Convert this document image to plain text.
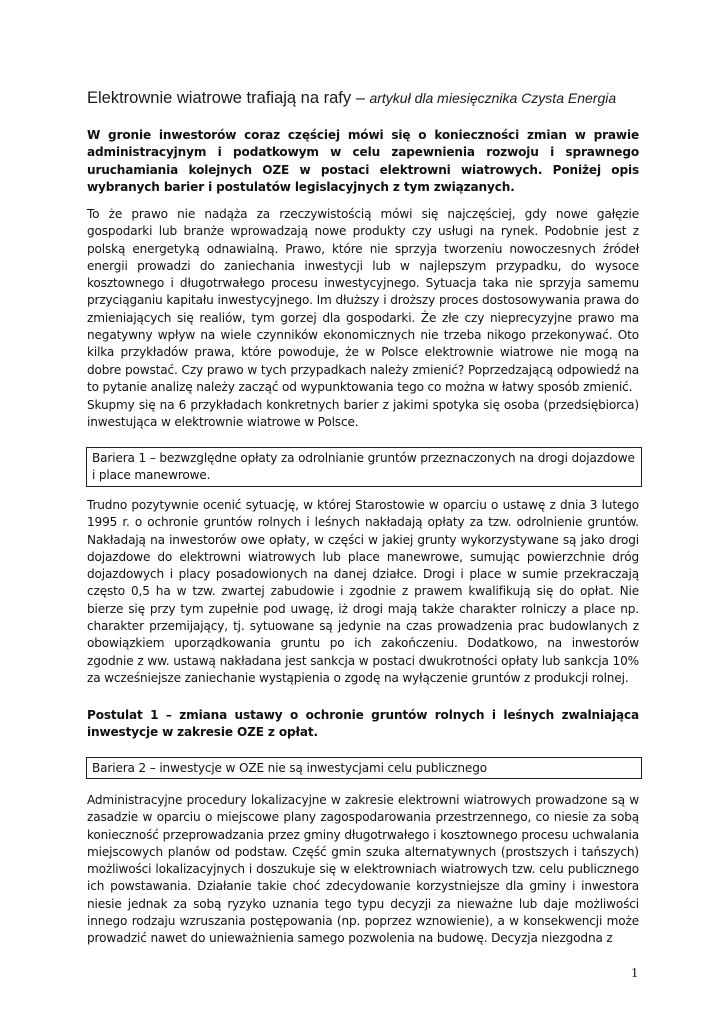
Elektrownie wiatrowe trafiają na rafy – artykuł dla miesięcznika Czysta Energia
W gronie inwestorów coraz częściej mówi się o konieczności zmian w prawie administracyjnym i podatkowym w celu zapewnienia rozwoju i sprawnego uruchamiania kolejnych OZE w postaci elektrowni wiatrowych. Poniżej opis wybranych barier i postulatów legislacyjnych z tym związanych.
To że prawo nie nadąża za rzeczywistością mówi się najczęściej, gdy nowe gałęzie gospodarki lub branże wprowadzają nowe produkty czy usługi na rynek. Podobnie jest z polską energetyką odnawialną. Prawo, które nie sprzyja tworzeniu nowoczesnych źródeł energii prowadzi do zaniechania inwestycji lub w najlepszym przypadku, do wysoce kosztownego i długotrwałego procesu inwestycyjnego. Sytuacja taka nie sprzyja samemu przyciąganiu kapitału inwestycyjnego. Im dłuższy i droższy proces dostosowywania prawa do zmieniających się realiów, tym gorzej dla gospodarki. Że złe czy nieprecyzyjne prawo ma negatywny wpływ na wiele czynników ekonomicznych nie trzeba nikogo przekonywać. Oto kilka przykładów prawa, które powoduje, że w Polsce elektrownie wiatrowe nie mogą na dobre powstać. Czy prawo w tych przypadkach należy zmienić? Poprzedzającą odpowiedź na to pytanie analizę należy zacząć od wypunktowania tego co można w łatwy sposób zmienić.
Skupmy się na 6 przykładach konkretnych barier z jakimi spotyka się osoba (przedsiębiorca) inwestująca w elektrownie wiatrowe w Polsce.
Bariera 1 – bezwzględne opłaty za odrolnianie gruntów przeznaczonych na drogi dojazdowe i place manewrowe.
Trudno pozytywnie ocenić sytuację, w której Starostowie w oparciu o ustawę z dnia 3 lutego 1995 r. o ochronie gruntów rolnych i leśnych nakładają opłaty za tzw. odrolnienie gruntów. Nakładają na inwestorów owe opłaty, w części w jakiej grunty wykorzystywane są jako drogi dojazdowe do elektrowni wiatrowych lub place manewrowe, sumując powierzchnie dróg dojazdowych i placy posadowionych na danej działce. Drogi i place w sumie przekraczają często 0,5 ha w tzw. zwartej zabudowie i zgodnie z prawem kwalifikują się do opłat. Nie bierze się przy tym zupełnie pod uwagę, iż drogi mają także charakter rolniczy a place np. charakter przemijający, tj. sytuowane są jedynie na czas prowadzenia prac budowlanych z obowiązkiem uporządkowania gruntu po ich zakończeniu. Dodatkowo, na inwestorów zgodnie z ww. ustawą nakładana jest sankcja w postaci dwukrotności opłaty lub sankcja 10% za wcześniejsze zaniechanie wystąpienia o zgodę na wyłączenie gruntów z produkcji rolnej.
Postulat 1 – zmiana ustawy o ochronie gruntów rolnych i leśnych zwalniająca inwestycje w zakresie OZE z opłat.
Bariera 2 – inwestycje w OZE nie są inwestycjami celu publicznego
Administracyjne procedury lokalizacyjne w zakresie elektrowni wiatrowych prowadzone są w zasadzie w oparciu o miejscowe plany zagospodarowania przestrzennego, co niesie za sobą konieczność przeprowadzania przez gminy długotrwałego i kosztownego procesu uchwalania miejscowych planów od podstaw. Część gmin szuka alternatywnych (prostszych i tańszych) możliwości lokalizacyjnych i doszukuje się w elektrowniach wiatrowych tzw. celu publicznego ich powstawania. Działanie takie choć zdecydowanie korzystniejsze dla gminy i inwestora niesie jednak za sobą ryzyko uznania tego typu decyzji za nieważne lub daje możliwości innego rodzaju wzruszania postępowania (np. poprzez wznowienie), a w konsekwencji może prowadzić nawet do unieważnienia samego pozwolenia na budowę. Decyzja niezgodna z
1
